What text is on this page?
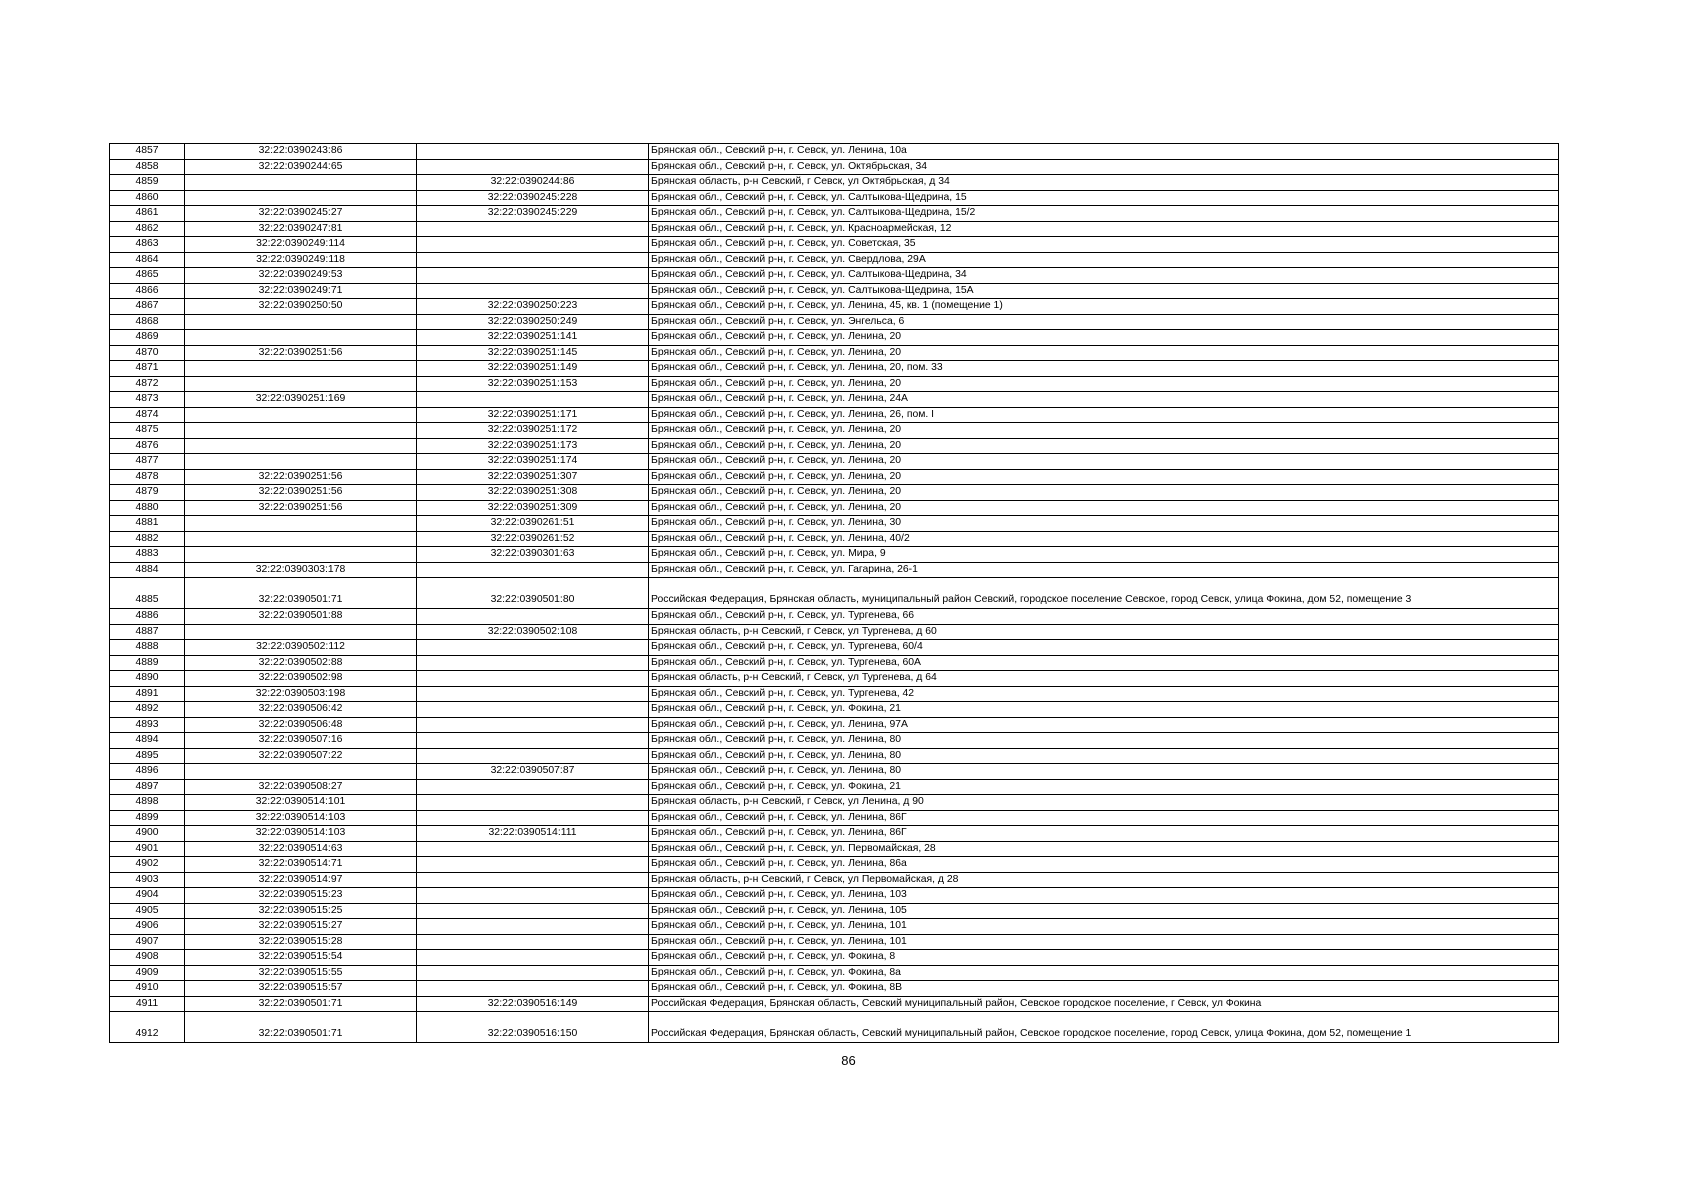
4857	32:22:0390243:86		Брянская обл., Севский р-н, г. Севск, ул. Ленина, 10а
4858	32:22:0390244:65		Брянская обл., Севский р-н, г. Севск, ул. Октябрьская, 34
4859		32:22:0390244:86	Брянская область, р-н Севский, г Севск, ул Октябрьская, д 34
4860		32:22:0390245:228	Брянская обл., Севский р-н, г. Севск, ул. Салтыкова-Щедрина, 15
4861	32:22:0390245:27	32:22:0390245:229	Брянская обл., Севский р-н, г. Севск, ул. Салтыкова-Щедрина, 15/2
4862	32:22:0390247:81		Брянская обл., Севский р-н, г. Севск, ул. Красноармейская, 12
4863	32:22:0390249:114		Брянская обл., Севский р-н, г. Севск, ул. Советская, 35
4864	32:22:0390249:118		Брянская обл., Севский р-н, г. Севск, ул. Свердлова, 29А
4865	32:22:0390249:53		Брянская обл., Севский р-н, г. Севск, ул. Салтыкова-Щедрина, 34
4866	32:22:0390249:71		Брянская обл., Севский р-н, г. Севск, ул. Салтыкова-Щедрина, 15А
4867	32:22:0390250:50	32:22:0390250:223	Брянская обл., Севский р-н, г. Севск, ул. Ленина, 45, кв. 1 (помещение 1)
4868		32:22:0390250:249	Брянская обл., Севский р-н, г. Севск, ул. Энгельса, 6
4869		32:22:0390251:141	Брянская обл., Севский р-н, г. Севск, ул. Ленина, 20
4870	32:22:0390251:56	32:22:0390251:145	Брянская обл., Севский р-н, г. Севск, ул. Ленина, 20
4871		32:22:0390251:149	Брянская обл., Севский р-н, г. Севск, ул. Ленина, 20, пом. 33
4872		32:22:0390251:153	Брянская обл., Севский р-н, г. Севск, ул. Ленина, 20
4873	32:22:0390251:169		Брянская обл., Севский р-н, г. Севск, ул. Ленина, 24А
4874		32:22:0390251:171	Брянская обл., Севский р-н, г. Севск, ул. Ленина, 26, пом. I
4875		32:22:0390251:172	Брянская обл., Севский р-н, г. Севск, ул. Ленина, 20
4876		32:22:0390251:173	Брянская обл., Севский р-н, г. Севск, ул. Ленина, 20
4877		32:22:0390251:174	Брянская обл., Севский р-н, г. Севск, ул. Ленина, 20
4878	32:22:0390251:56	32:22:0390251:307	Брянская обл., Севский р-н, г. Севск, ул. Ленина, 20
4879	32:22:0390251:56	32:22:0390251:308	Брянская обл., Севский р-н, г. Севск, ул. Ленина, 20
4880	32:22:0390251:56	32:22:0390251:309	Брянская обл., Севский р-н, г. Севск, ул. Ленина, 20
4881		32:22:0390261:51	Брянская обл., Севский р-н, г. Севск, ул. Ленина, 30
4882		32:22:0390261:52	Брянская обл., Севский р-н, г. Севск, ул. Ленина, 40/2
4883		32:22:0390301:63	Брянская обл., Севский р-н, г. Севск, ул. Мира, 9
4884	32:22:0390303:178		Брянская обл., Севский р-н, г. Севск, ул. Гагарина, 26-1
4885	32:22:0390501:71	32:22:0390501:80	Российская Федерация, Брянская область, муниципальный район Севский, городское поселение Севское, город Севск, улица Фокина, дом 52, помещение 3
4886	32:22:0390501:88		Брянская обл., Севский р-н, г. Севск, ул. Тургенева, 66
4887		32:22:0390502:108	Брянская область, р-н Севский, г Севск, ул Тургенева, д 60
4888	32:22:0390502:112		Брянская обл., Севский р-н, г. Севск, ул. Тургенева, 60/4
4889	32:22:0390502:88		Брянская обл., Севский р-н, г. Севск, ул. Тургенева, 60А
4890	32:22:0390502:98		Брянская область, р-н Севский, г Севск, ул Тургенева, д 64
4891	32:22:0390503:198		Брянская обл., Севский р-н, г. Севск, ул. Тургенева, 42
4892	32:22:0390506:42		Брянская обл., Севский р-н, г. Севск, ул. Фокина, 21
4893	32:22:0390506:48		Брянская обл., Севский р-н, г. Севск, ул. Ленина, 97А
4894	32:22:0390507:16		Брянская обл., Севский р-н, г. Севск, ул. Ленина, 80
4895	32:22:0390507:22		Брянская обл., Севский р-н, г. Севск, ул. Ленина, 80
4896		32:22:0390507:87	Брянская обл., Севский р-н, г. Севск, ул. Ленина, 80
4897	32:22:0390508:27		Брянская обл., Севский р-н, г. Севск, ул. Фокина, 21
4898	32:22:0390514:101		Брянская область, р-н Севский, г Севск, ул Ленина, д 90
4899	32:22:0390514:103		Брянская обл., Севский р-н, г. Севск, ул. Ленина, 86Г
4900	32:22:0390514:103	32:22:0390514:111	Брянская обл., Севский р-н, г. Севск, ул. Ленина, 86Г
4901	32:22:0390514:63		Брянская обл., Севский р-н, г. Севск, ул. Первомайская, 28
4902	32:22:0390514:71		Брянская обл., Севский р-н, г. Севск, ул. Ленина, 86а
4903	32:22:0390514:97		Брянская область, р-н Севский, г Севск, ул Первомайская, д 28
4904	32:22:0390515:23		Брянская обл., Севский р-н, г. Севск, ул. Ленина, 103
4905	32:22:0390515:25		Брянская обл., Севский р-н, г. Севск, ул. Ленина, 105
4906	32:22:0390515:27		Брянская обл., Севский р-н, г. Севск, ул. Ленина, 101
4907	32:22:0390515:28		Брянская обл., Севский р-н, г. Севск, ул. Ленина, 101
4908	32:22:0390515:54		Брянская обл., Севский р-н, г. Севск, ул. Фокина, 8
4909	32:22:0390515:55		Брянская обл., Севский р-н, г. Севск, ул. Фокина, 8а
4910	32:22:0390515:57		Брянская обл., Севский р-н, г. Севск, ул. Фокина, 8В
4911	32:22:0390501:71	32:22:0390516:149	Российская Федерация, Брянская область, Севский муниципальный район, Севское городское поселение, г Севск, ул Фокина
4912	32:22:0390501:71	32:22:0390516:150	Российская Федерация, Брянская область, Севский муниципальный район, Севское городское поселение, город Севск, улица Фокина, дом 52, помещение 1
86
